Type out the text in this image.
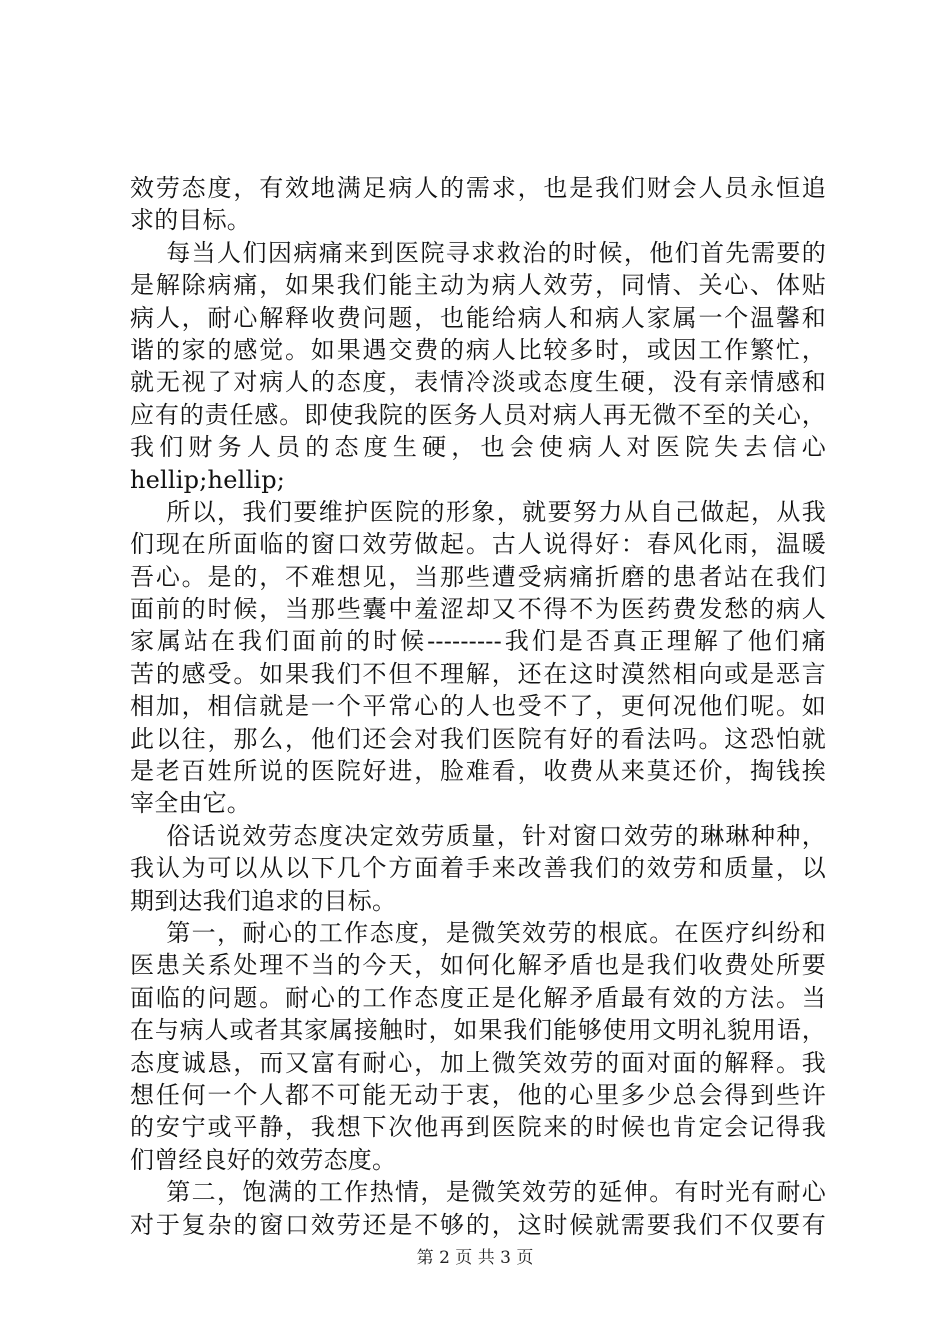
效劳态度，有效地满足病人的需求，也是我们财会人员永恒追
求的目标。
每当人们因病痛来到医院寻求救治的时候，他们首先需要的
是解除病痛，如果我们能主动为病人效劳，同情、关心、体贴
病人，耐心解释收费问题，也能给病人和病人家属一个温馨和
谐的家的感觉。如果遇交费的病人比较多时，或因工作繁忙，
就无视了对病人的态度，表情冷淡或态度生硬，没有亲情感和
应有的责任感。即使我院的医务人员对病人再无微不至的关心，
我们财务人员的态度生硬，也会使病人对医院失去信心
hellip;hellip;
所以，我们要维护医院的形象，就要努力从自己做起，从我
们现在所面临的窗口效劳做起。古人说得好：春风化雨，温暖
吾心。是的，不难想见，当那些遭受病痛折磨的患者站在我们
面前的时候，当那些囊中羞涩却又不得不为医药费发愁的病人
家属站在我们面前的时候---------我们是否真正理解了他们痛
苦的感受。如果我们不但不理解，还在这时漠然相向或是恶言
相加，相信就是一个平常心的人也受不了，更何况他们呢。如
此以往，那么，他们还会对我们医院有好的看法吗。这恐怕就
是老百姓所说的医院好进，脸难看，收费从来莫还价，掏钱挨
宰全由它。
俗话说效劳态度决定效劳质量，针对窗口效劳的琳琳种种，
我认为可以从以下几个方面着手来改善我们的效劳和质量，以
期到达我们追求的目标。
第一，耐心的工作态度，是微笑效劳的根底。在医疗纠纷和
医患关系处理不当的今天，如何化解矛盾也是我们收费处所要
面临的问题。耐心的工作态度正是化解矛盾最有效的方法。当
在与病人或者其家属接触时，如果我们能够使用文明礼貌用语，
态度诚恳，而又富有耐心，加上微笑效劳的面对面的解释。我
想任何一个人都不可能无动于衷，他的心里多少总会得到些许
的安宁或平静，我想下次他再到医院来的时候也肯定会记得我
们曾经良好的效劳态度。
第二，饱满的工作热情，是微笑效劳的延伸。有时光有耐心
对于复杂的窗口效劳还是不够的，这时候就需要我们不仅要有
第 2 页 共 3 页
